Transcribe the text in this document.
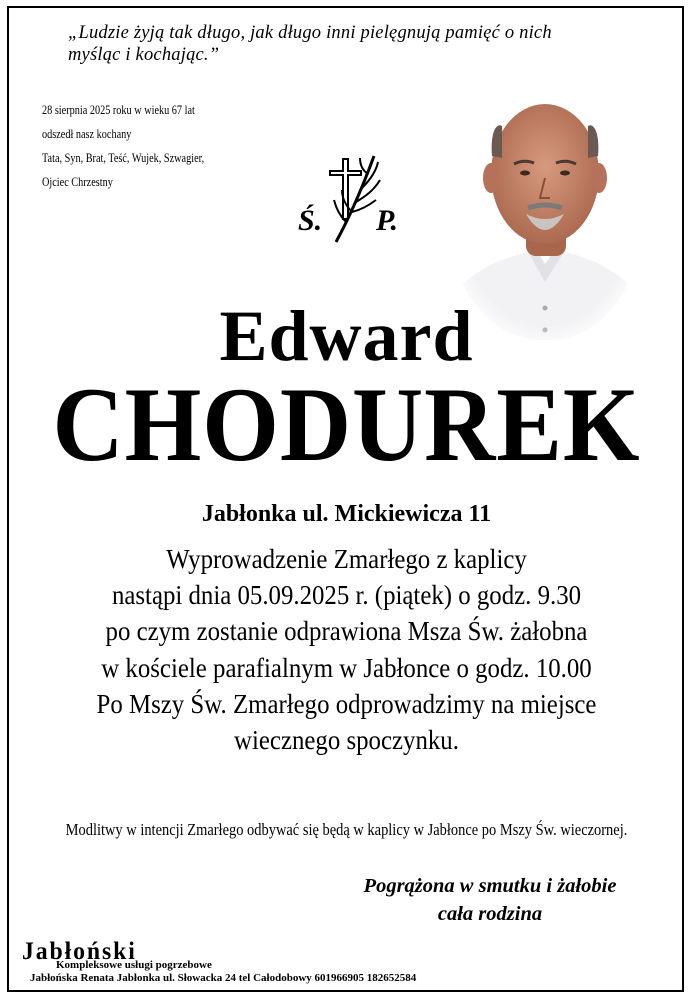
„Ludzie żyją tak długo, jak długo inni pielęgnują pamięć o nich
myśląc i kochając.”
28 sierpnia 2025 roku w wieku 67 lat
odszedł nasz kochany
Tata, Syn, Brat, Teść, Wujek, Szwagier,
Ojciec Chrzestny
Ś. P.
Edward
CHODUREK
Jabłonka ul. Mickiewicza 11
Wyprowadzenie Zmarłego z kaplicy
nastąpi dnia 05.09.2025 r. (piątek) o godz. 9.30
po czym zostanie odprawiona Msza Św. żałobna
w kościele parafialnym w Jabłonce o godz. 10.00
Po Mszy Św. Zmarłego odprowadzimy na miejsce
wiecznego spoczynku.
Modlitwy w intencji Zmarłego odbywać się będą w kaplicy w Jabłonce po Mszy Św. wieczornej.
Pogrążona w smutku i żałobie
cała rodzina
Jabłoński
Kompleksowe usługi pogrzebowe
Jabłońska Renata Jabłonka ul. Słowacka 24 tel Całodobowy 601966905 182652584
